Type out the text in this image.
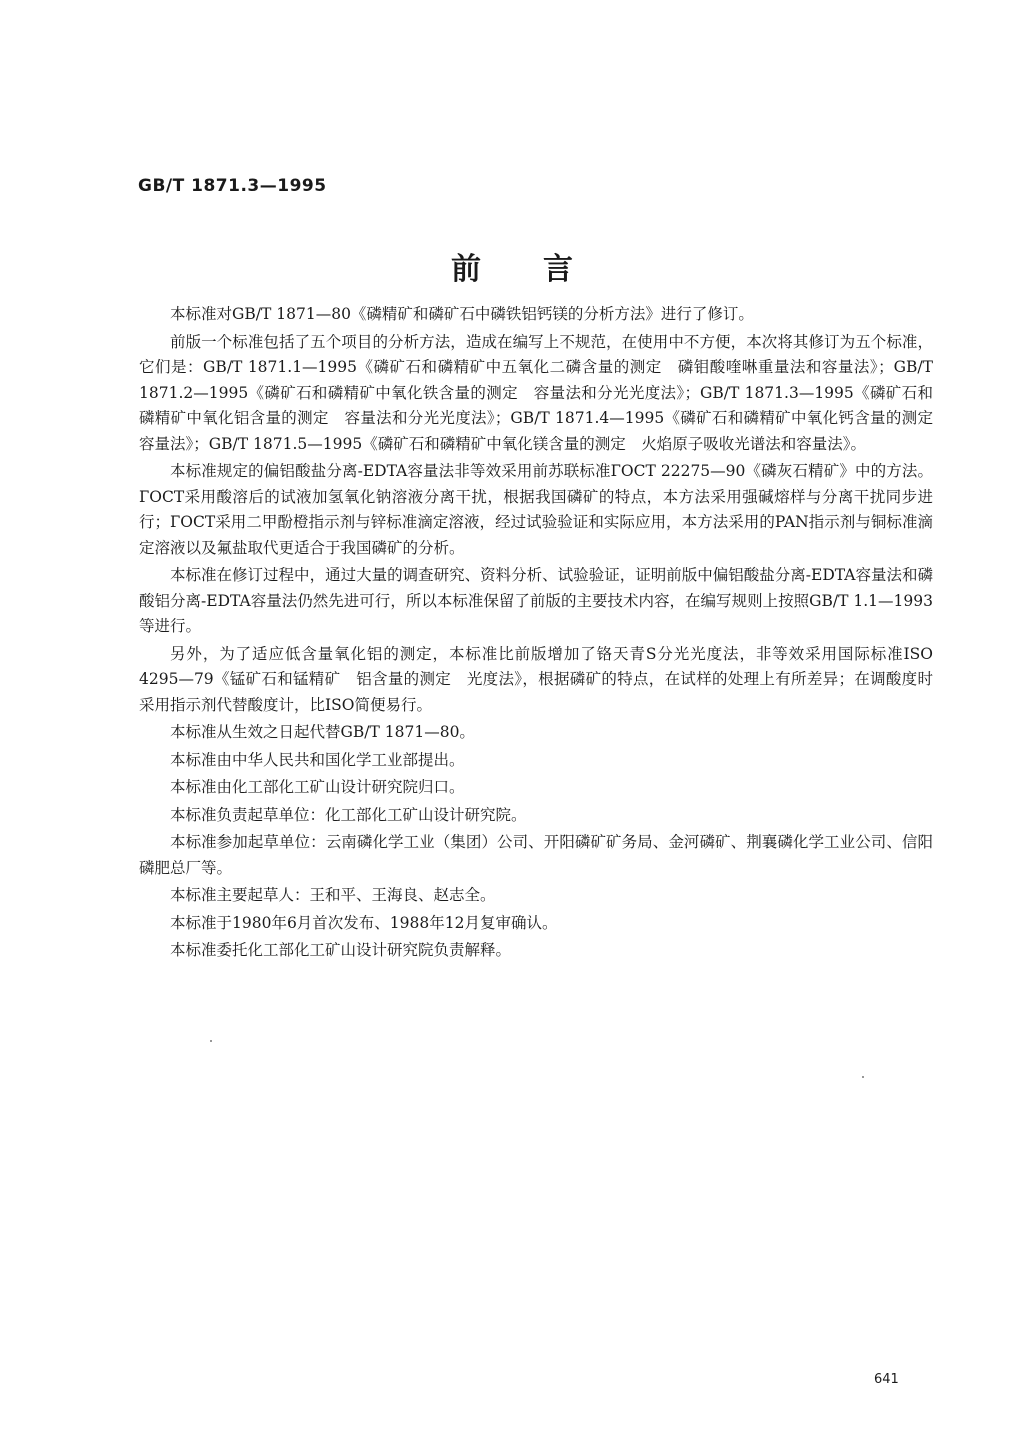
GB/T 1871.3—1995
前言

本标准对GB/T 1871—80《磷精矿和磷矿石中磷铁铝钙镁的分析方法》进行了修订。

前版一个标准包括了五个项目的分析方法，造成在编写上不规范，在使用中不方便，本次将其修订为五个标准，它们是：GB/T 1871.1—1995《磷矿石和磷精矿中五氧化二磷含量的测定　磷钼酸喹啉重量法和容量法》；GB/T 1871.2—1995《磷矿石和磷精矿中氧化铁含量的测定　容量法和分光光度法》；GB/T 1871.3—1995《磷矿石和磷精矿中氧化铝含量的测定　容量法和分光光度法》；GB/T 1871.4—1995《磷矿石和磷精矿中氧化钙含量的测定　容量法》；GB/T 1871.5—1995《磷矿石和磷精矿中氧化镁含量的测定　火焰原子吸收光谱法和容量法》。

本标准规定的偏铝酸盐分离-EDTA容量法非等效采用前苏联标准ГОСТ 22275—90《磷灰石精矿》中的方法。ГОСТ采用酸溶后的试液加氢氧化钠溶液分离干扰，根据我国磷矿的特点，本方法采用强碱熔样与分离干扰同步进行；ГОСТ采用二甲酚橙指示剂与锌标准滴定溶液，经过试验验证和实际应用，本方法采用的PAN指示剂与铜标准滴定溶液以及氟盐取代更适合于我国磷矿的分析。

本标准在修订过程中，通过大量的调查研究、资料分析、试验验证，证明前版中偏铝酸盐分离-EDTA容量法和磷酸铝分离-EDTA容量法仍然先进可行，所以本标准保留了前版的主要技术内容，在编写规则上按照GB/T 1.1—1993等进行。

另外，为了适应低含量氧化铝的测定，本标准比前版增加了铬天青S分光光度法，非等效采用国际标准ISO 4295—79《锰矿石和锰精矿　铝含量的测定　光度法》，根据磷矿的特点，在试样的处理上有所差异；在调酸度时采用指示剂代替酸度计，比ISO简便易行。

本标准从生效之日起代替GB/T 1871—80。

本标准由中华人民共和国化学工业部提出。

本标准由化工部化工矿山设计研究院归口。

本标准负责起草单位：化工部化工矿山设计研究院。

本标准参加起草单位：云南磷化学工业（集团）公司、开阳磷矿矿务局、金河磷矿、荆襄磷化学工业公司、信阳磷肥总厂等。

本标准主要起草人：王和平、王海良、赵志全。

本标准于1980年6月首次发布、1988年12月复审确认。

本标准委托化工部化工矿山设计研究院负责解释。

641
